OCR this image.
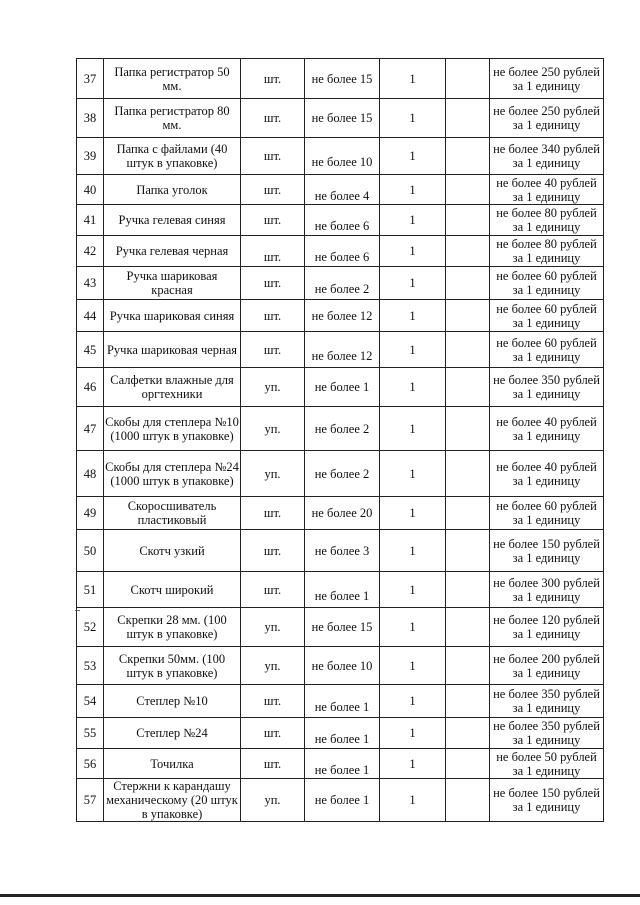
37	Папка регистратор 50 мм.	шт.	не более 15	1		не более 250 рублей за 1 единицу
38	Папка регистратор 80 мм.	шт.	не более 15	1		не более 250 рублей за 1 единицу
39	Папка с файлами (40 штук в упаковке)	шт.	не более 10	1		не более 340 рублей за 1 единицу
40	Папка уголок	шт.	не более 4	1		не более 40 рублей за 1 единицу
41	Ручка гелевая синяя	шт.	не более 6	1		не более 80 рублей за 1 единицу
42	Ручка гелевая черная	шт.	не более 6	1		не более 80 рублей за 1 единицу
43	Ручка шариковая красная	шт.	не более 2	1		не более 60 рублей за 1 единицу
44	Ручка шариковая синяя	шт.	не более 12	1		не более 60 рублей за 1 единицу
45	Ручка шариковая черная	шт.	не более 12	1		не более 60 рублей за 1 единицу
46	Салфетки влажные для оргтехники	уп.	не более 1	1		не более 350 рублей за 1 единицу
47	Скобы для степлера №10 (1000 штук в упаковке)	уп.	не более 2	1		не более 40 рублей за 1 единицу
48	Скобы для степлера №24 (1000 штук в упаковке)	уп.	не более 2	1		не более 40 рублей за 1 единицу
49	Скоросшиватель пластиковый	шт.	не более 20	1		не более 60 рублей за 1 единицу
50	Скотч узкий	шт.	не более 3	1		не более 150 рублей за 1 единицу
51	Скотч широкий	шт.	не более 1	1		не более 300 рублей за 1 единицу
52	Скрепки 28 мм. (100 штук в упаковке)	уп.	не более 15	1		не более 120 рублей за 1 единицу
53	Скрепки 50мм. (100 штук в упаковке)	уп.	не более 10	1		не более 200 рублей за 1 единицу
54	Степлер №10	шт.	не более 1	1		не более 350 рублей за 1 единицу
55	Степлер №24	шт.	не более 1	1		не более 350 рублей за 1 единицу
56	Точилка	шт.	не более 1	1		не более 50 рублей за 1 единицу
57	Стержни к карандашу механическому (20 штук в упаковке)	уп.	не более 1	1		не более 150 рублей за 1 единицу
